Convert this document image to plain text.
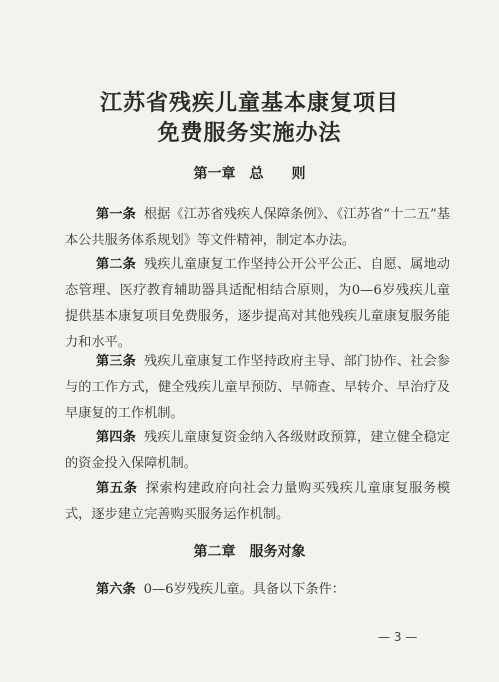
江苏省残疾儿童基本康复项目
免费服务实施办法
第一章　总　　则

第一条 根据《江苏省残疾人保障条例》、《江苏省“十二五”基本公共服务体系规划》等文件精神，制定本办法。

第二条 残疾儿童康复工作坚持公开公平公正、自愿、属地动态管理、医疗教育辅助器具适配相结合原则，为0—6岁残疾儿童提供基本康复项目免费服务，逐步提高对其他残疾儿童康复服务能力和水平。

第三条 残疾儿童康复工作坚持政府主导、部门协作、社会参与的工作方式，健全残疾儿童早预防、早筛查、早转介、早治疗及早康复的工作机制。

第四条 残疾儿童康复资金纳入各级财政预算，建立健全稳定的资金投入保障机制。

第五条 探索构建政府向社会力量购买残疾儿童康复服务模式，逐步建立完善购买服务运作机制。

第二章　服务对象

第六条 0—6岁残疾儿童。具备以下条件：

— 3 —
